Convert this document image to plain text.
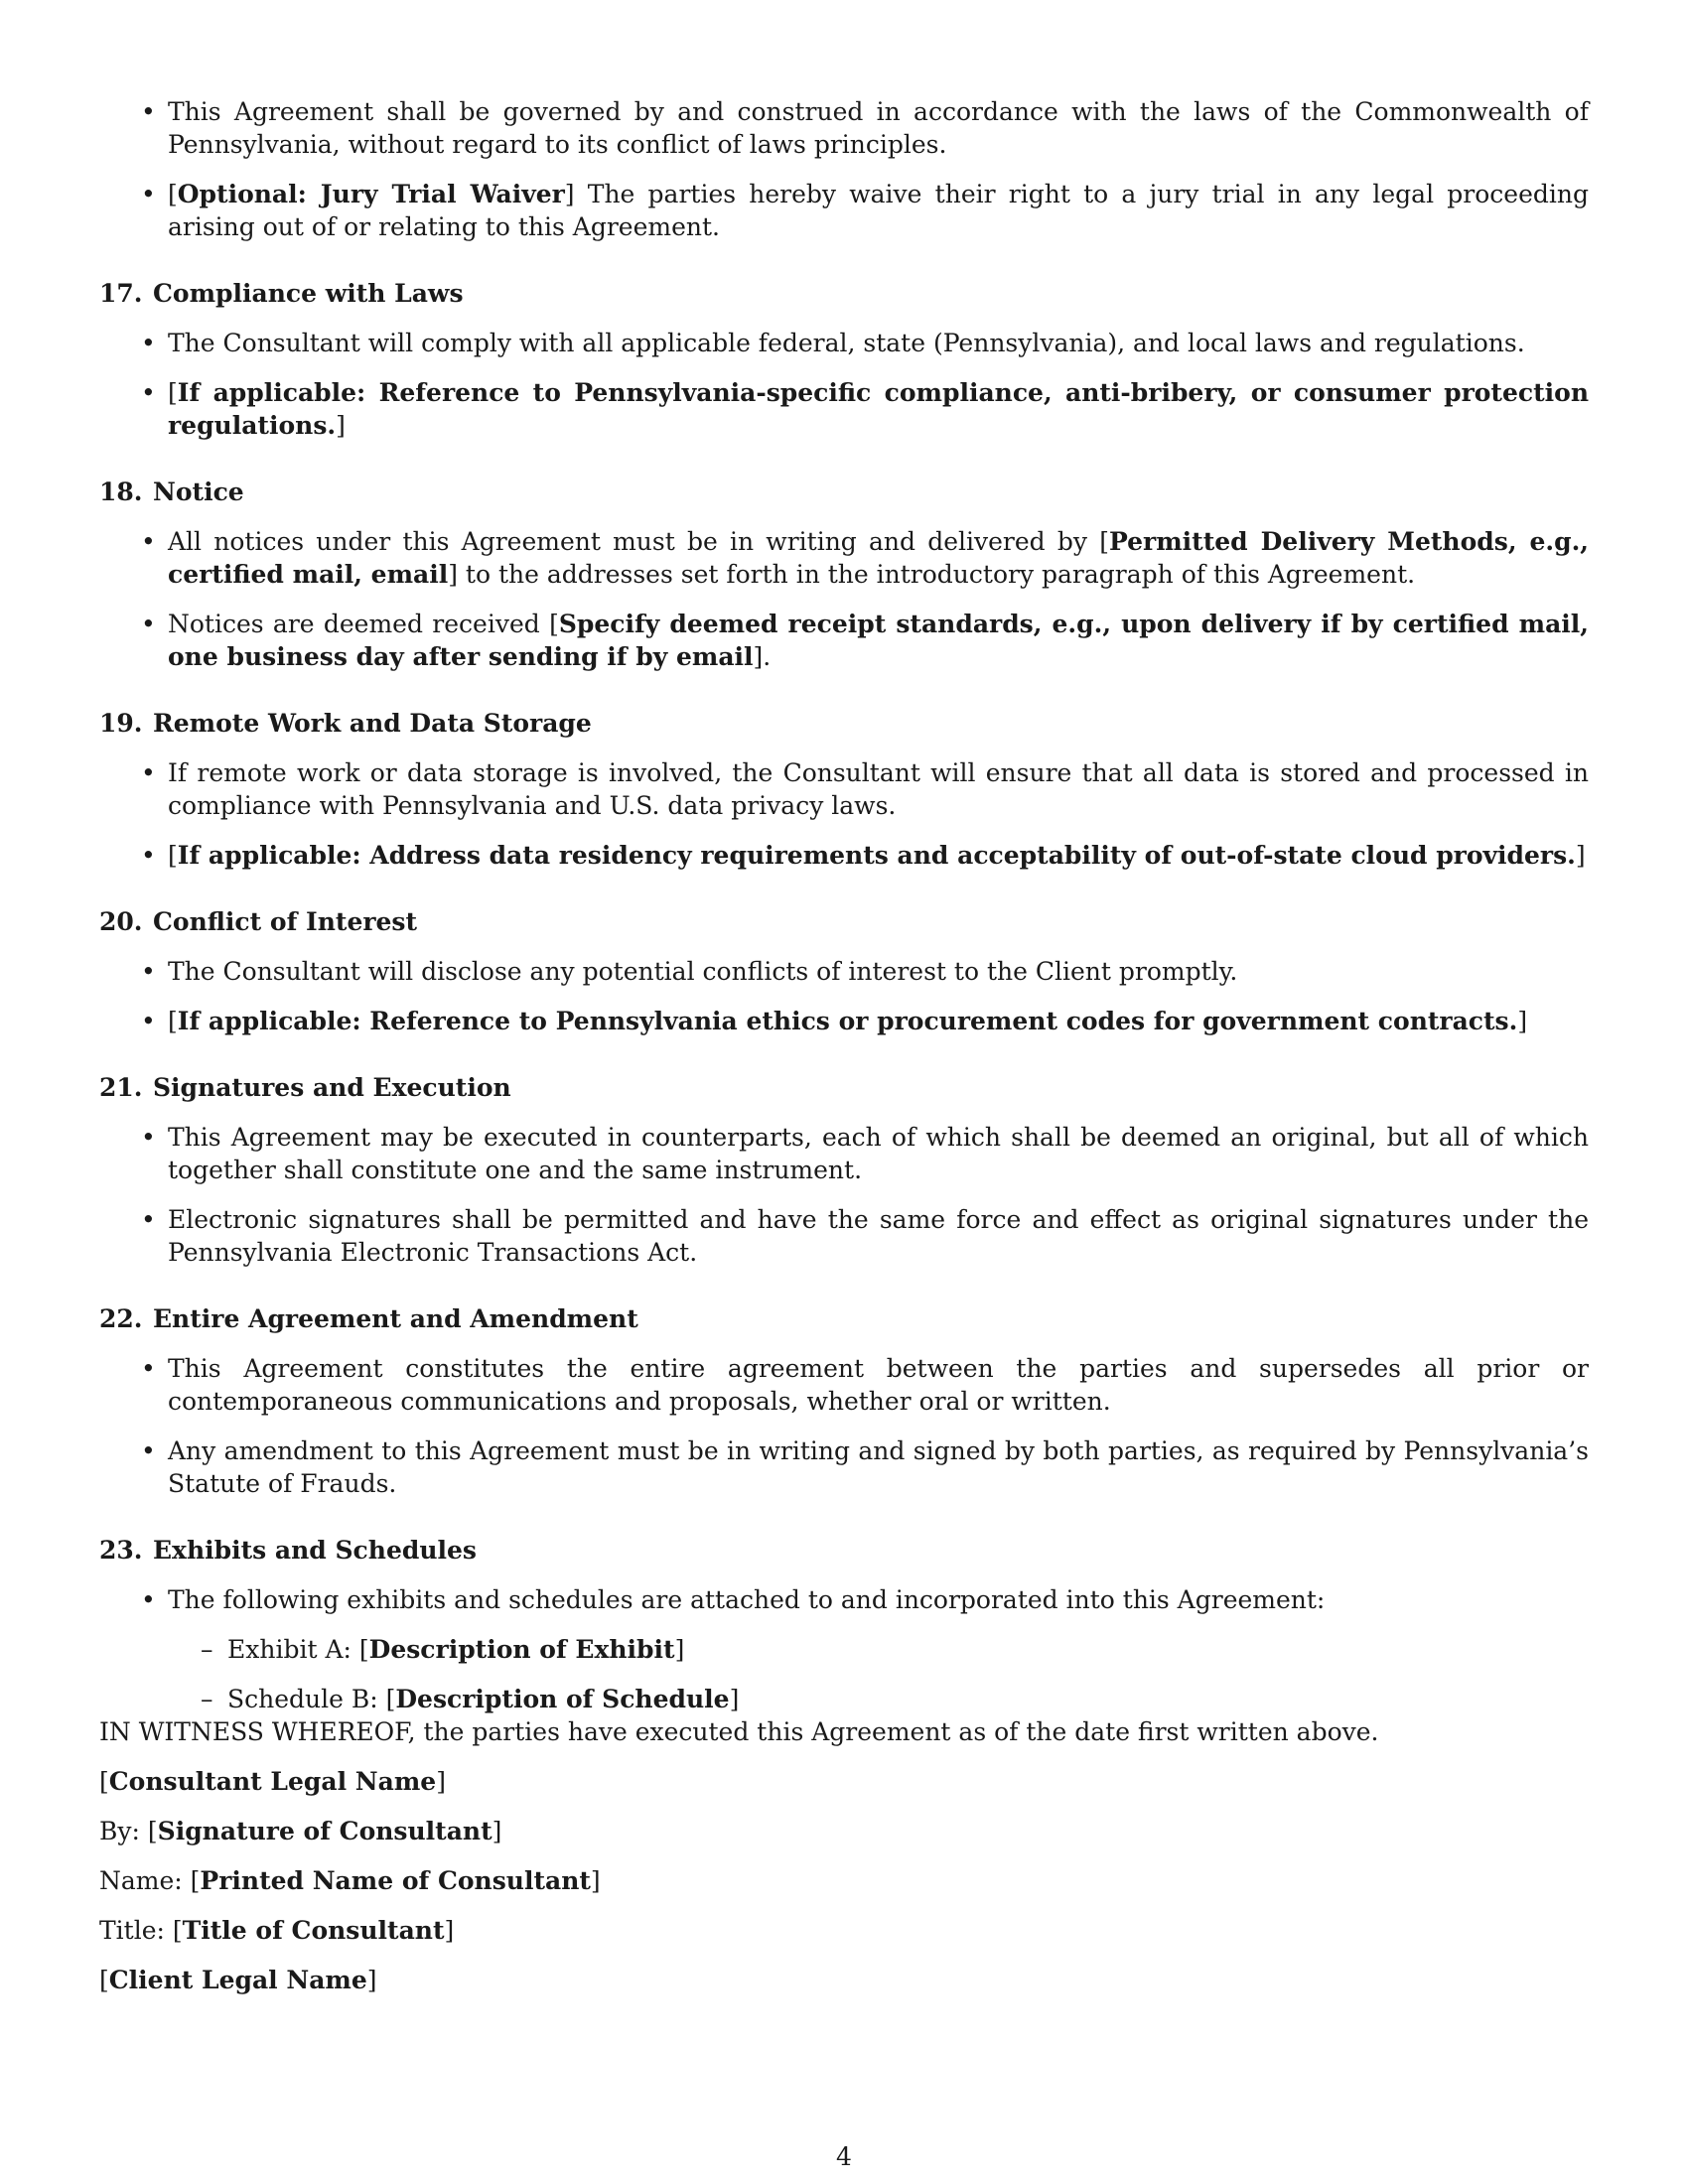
• This Agreement shall be governed by and construed in accordance with the laws of the Commonwealth of Pennsylvania, without regard to its conflict of laws principles.
• [Optional: Jury Trial Waiver] The parties hereby waive their right to a jury trial in any legal proceeding arising out of or relating to this Agreement.
17. Compliance with Laws
• The Consultant will comply with all applicable federal, state (Pennsylvania), and local laws and regulations.
• [If applicable: Reference to Pennsylvania-specific compliance, anti-bribery, or consumer protection regulations.]
18. Notice
• All notices under this Agreement must be in writing and delivered by [Permitted Delivery Methods, e.g., certified mail, email] to the addresses set forth in the introductory paragraph of this Agreement.
• Notices are deemed received [Specify deemed receipt standards, e.g., upon delivery if by certified mail, one business day after sending if by email].
19. Remote Work and Data Storage
• If remote work or data storage is involved, the Consultant will ensure that all data is stored and processed in compliance with Pennsylvania and U.S. data privacy laws.
• [If applicable: Address data residency requirements and acceptability of out-of-state cloud providers.]
20. Conflict of Interest
• The Consultant will disclose any potential conflicts of interest to the Client promptly.
• [If applicable: Reference to Pennsylvania ethics or procurement codes for government contracts.]
21. Signatures and Execution
• This Agreement may be executed in counterparts, each of which shall be deemed an original, but all of which together shall constitute one and the same instrument.
• Electronic signatures shall be permitted and have the same force and effect as original signatures under the Pennsylvania Electronic Transactions Act.
22. Entire Agreement and Amendment
• This Agreement constitutes the entire agreement between the parties and supersedes all prior or contemporaneous communications and proposals, whether oral or written.
• Any amendment to this Agreement must be in writing and signed by both parties, as required by Pennsylvania’s Statute of Frauds.
23. Exhibits and Schedules
• The following exhibits and schedules are attached to and incorporated into this Agreement:
– Exhibit A: [Description of Exhibit]
– Schedule B: [Description of Schedule]
IN WITNESS WHEREOF, the parties have executed this Agreement as of the date first written above.
[Consultant Legal Name]
By: [Signature of Consultant]
Name: [Printed Name of Consultant]
Title: [Title of Consultant]
[Client Legal Name]
4
